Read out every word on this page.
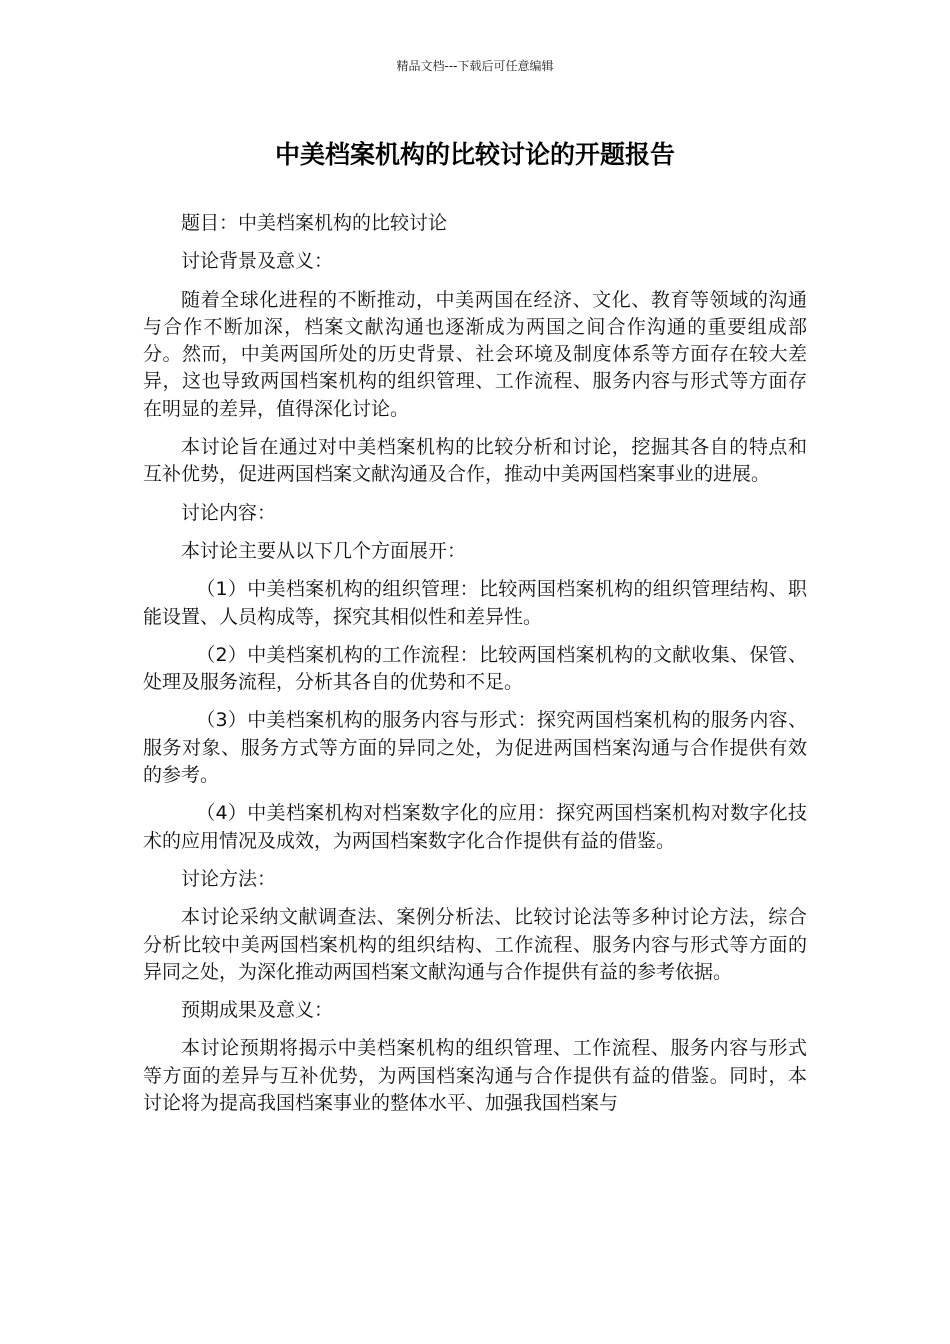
精品文档---下载后可任意编辑
中美档案机构的比较讨论的开题报告

题目：中美档案机构的比较讨论

讨论背景及意义：

随着全球化进程的不断推动，中美两国在经济、文化、教育等领域的沟通与合作不断加深，档案文献沟通也逐渐成为两国之间合作沟通的重要组成部分。然而，中美两国所处的历史背景、社会环境及制度体系等方面存在较大差异，这也导致两国档案机构的组织管理、工作流程、服务内容与形式等方面存在明显的差异，值得深化讨论。

本讨论旨在通过对中美档案机构的比较分析和讨论，挖掘其各自的特点和互补优势，促进两国档案文献沟通及合作，推动中美两国档案事业的进展。

讨论内容：

本讨论主要从以下几个方面展开：

（1）中美档案机构的组织管理：比较两国档案机构的组织管理结构、职能设置、人员构成等，探究其相似性和差异性。

（2）中美档案机构的工作流程：比较两国档案机构的文献收集、保管、处理及服务流程，分析其各自的优势和不足。

（3）中美档案机构的服务内容与形式：探究两国档案机构的服务内容、服务对象、服务方式等方面的异同之处，为促进两国档案沟通与合作提供有效的参考。

（4）中美档案机构对档案数字化的应用：探究两国档案机构对数字化技术的应用情况及成效，为两国档案数字化合作提供有益的借鉴。

讨论方法：

本讨论采纳文献调查法、案例分析法、比较讨论法等多种讨论方法，综合分析比较中美两国档案机构的组织结构、工作流程、服务内容与形式等方面的异同之处，为深化推动两国档案文献沟通与合作提供有益的参考依据。

预期成果及意义：

本讨论预期将揭示中美档案机构的组织管理、工作流程、服务内容与形式等方面的差异与互补优势，为两国档案沟通与合作提供有益的借鉴。同时，本讨论将为提高我国档案事业的整体水平、加强我国档案与
